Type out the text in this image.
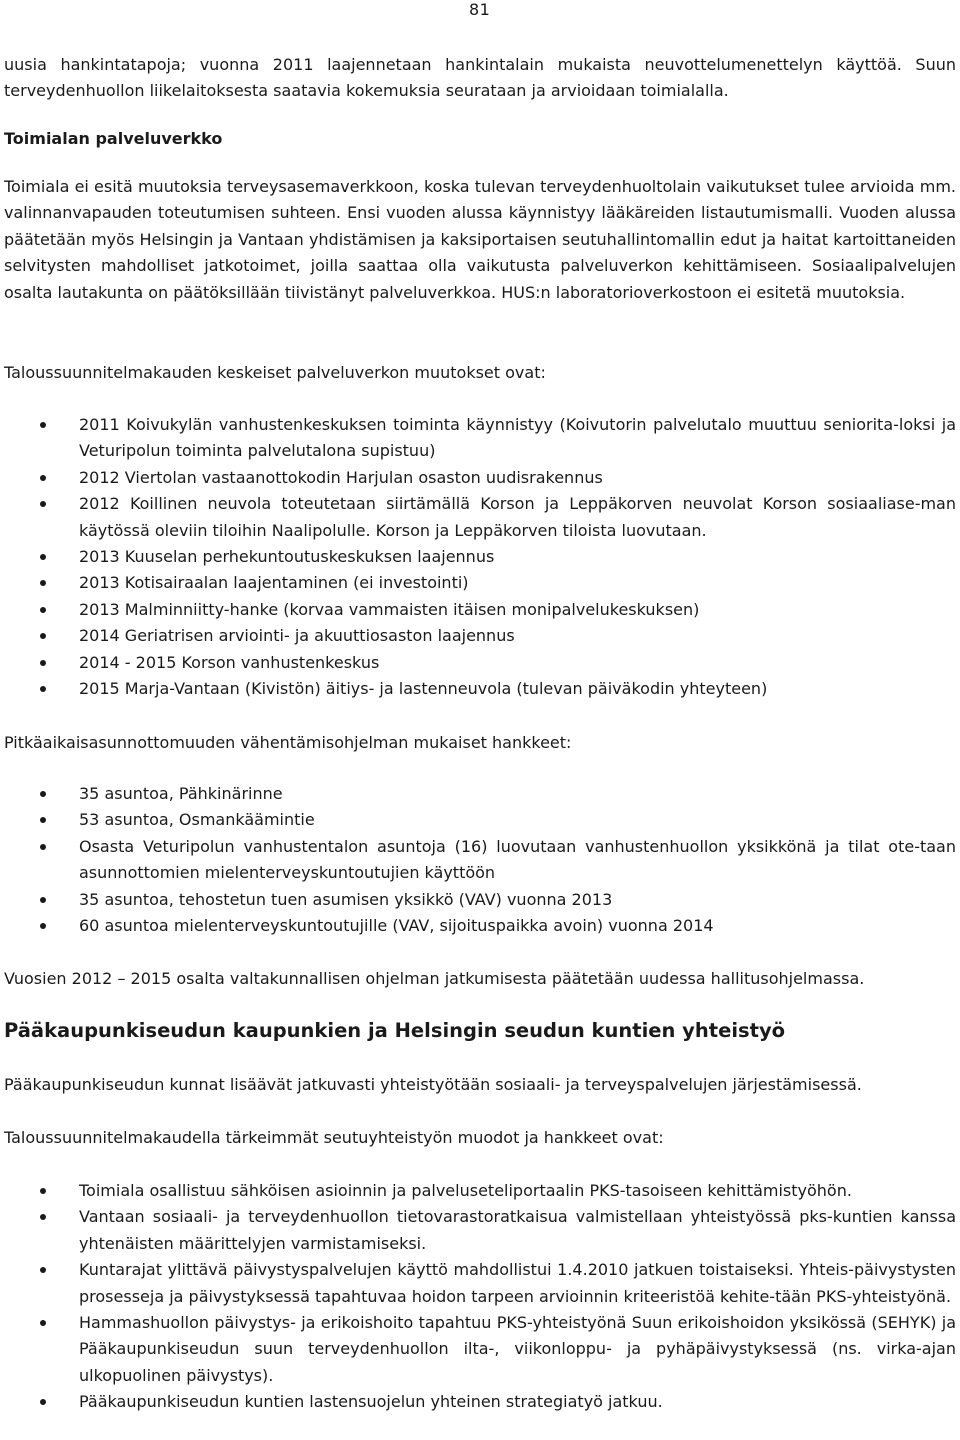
81

uusia hankintatapoja; vuonna 2011 laajennetaan hankintalain mukaista neuvottelumenettelyn käyttöä. Suun terveydenhuollon liikelaitoksesta saatavia kokemuksia seurataan ja arvioidaan toimialalla.

Toimialan palveluverkko

Toimiala ei esitä muutoksia terveysasemaverkkoon, koska tulevan terveydenhuoltolain vaikutukset tulee arvioida mm. valinnanvapauden toteutumisen suhteen. Ensi vuoden alussa käynnistyy lääkäreiden listautumismalli. Vuoden alussa päätetään myös Helsingin ja Vantaan yhdistämisen ja kaksiportaisen seutuhallintomallin edut ja haitat kartoittaneiden selvitysten mahdolliset jatkotoimet, joilla saattaa olla vaikutusta palveluverkon kehittämiseen. Sosiaalipalvelujen osalta lautakunta on päätöksillään tiivistänyt palveluverkkoa. HUS:n laboratorioverkostoon ei esitetä muutoksia.

Taloussuunnitelmakauden keskeiset palveluverkon muutokset ovat:

2011 Koivukylän vanhustenkeskuksen toiminta käynnistyy (Koivutorin palvelutalo muuttuu seniorita-loksi ja Veturipolun toiminta palvelutalona supistuu)
2012 Viertolan vastaanottokodin Harjulan osaston uudisrakennus
2012 Koillinen neuvola toteutetaan siirtämällä Korson ja Leppäkorven neuvolat Korson sosiaaliase-man käytössä oleviin tiloihin Naalipolulle. Korson ja Leppäkorven tiloista luovutaan.
2013 Kuuselan perhekuntoutuskeskuksen laajennus
2013 Kotisairaalan laajentaminen (ei investointi)
2013 Malminniitty-hanke (korvaa vammaisten itäisen monipalvelukeskuksen)
2014 Geriatrisen arviointi- ja akuuttiosaston laajennus
2014 - 2015 Korson vanhustenkeskus
2015 Marja-Vantaan (Kivistön) äitiys- ja lastenneuvola (tulevan päiväkodin yhteyteen)

Pitkäaikaisasunnottomuuden vähentämisohjelman mukaiset hankkeet:

35 asuntoa, Pähkinärinne
53 asuntoa, Osmankäämintie
Osasta Veturipolun vanhustentalon asuntoja (16) luovutaan vanhustenhuollon yksikkönä ja tilat ote-taan asunnottomien mielenterveyskuntoutujien käyttöön
35 asuntoa, tehostetun tuen asumisen yksikkö (VAV) vuonna 2013
60 asuntoa mielenterveyskuntoutujille (VAV, sijoituspaikka avoin) vuonna 2014

Vuosien 2012 – 2015 osalta valtakunnallisen ohjelman jatkumisesta päätetään uudessa hallitusohjelmassa.

Pääkaupunkiseudun kaupunkien ja Helsingin seudun kuntien yhteistyö

Pääkaupunkiseudun kunnat lisäävät jatkuvasti yhteistyötään sosiaali- ja terveyspalvelujen järjestämisessä.

Taloussuunnitelmakaudella tärkeimmät seutuyhteistyön muodot ja hankkeet ovat:

Toimiala osallistuu sähköisen asioinnin ja palveluseteliportaalin PKS-tasoiseen kehittämistyöhön.
Vantaan sosiaali- ja terveydenhuollon tietovarastoratkaisua valmistellaan yhteistyössä pks-kuntien kanssa yhtenäisten määrittelyjen varmistamiseksi.
Kuntarajat ylittävä päivystyspalvelujen käyttö mahdollistui 1.4.2010 jatkuen toistaiseksi. Yhteis-päivystysten prosesseja ja päivystyksessä tapahtuvaa hoidon tarpeen arvioinnin kriteeristöä kehite-tään PKS-yhteistyönä.
Hammashuollon päivystys- ja erikoishoito tapahtuu PKS-yhteistyönä Suun erikoishoidon yksikössä (SEHYK) ja Pääkaupunkiseudun suun terveydenhuollon ilta-, viikonloppu- ja pyhäpäivystyksessä (ns. virka-ajan ulkopuolinen päivystys).
Pääkaupunkiseudun kuntien lastensuojelun yhteinen strategiatyö jatkuu.
